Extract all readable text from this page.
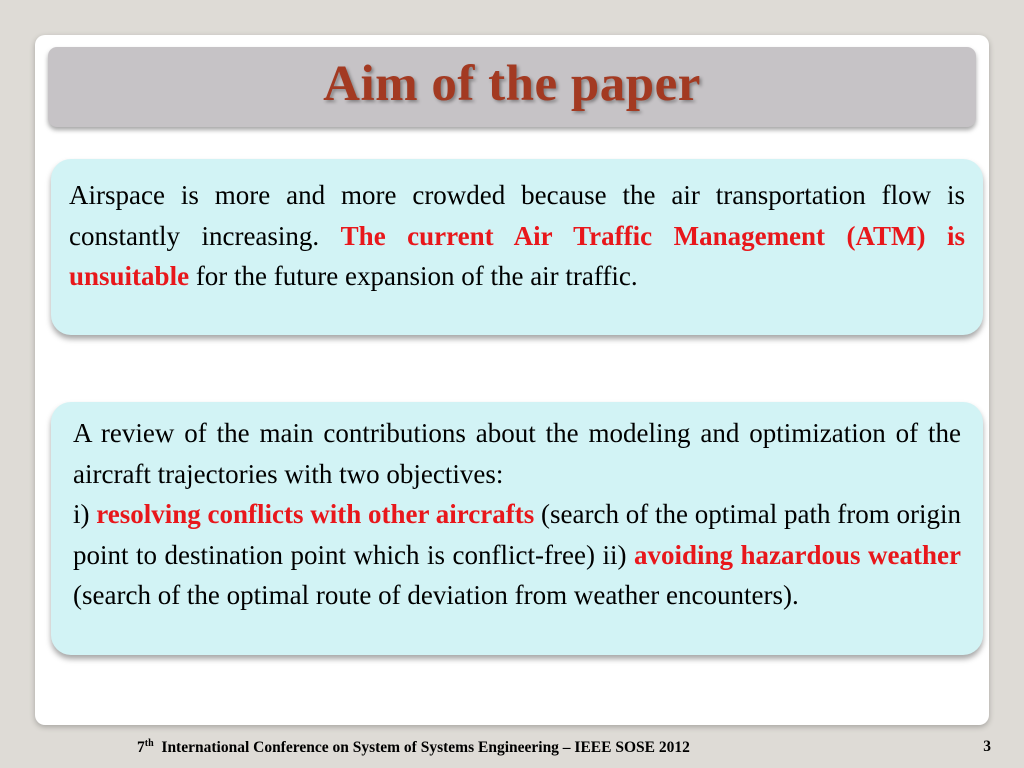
Aim of the paper
Airspace is more and more crowded because the air transportation flow is constantly increasing. The current Air Traffic Management (ATM) is unsuitable for the future expansion of the air traffic.
A review of the main contributions about the modeling and optimization of the aircraft trajectories with two objectives:
i) resolving conflicts with other aircrafts (search of the optimal path from origin point to destination point which is conflict-free) ii) avoiding hazardous weather (search of the optimal route of deviation from weather encounters).
7th International Conference on System of Systems Engineering – IEEE SOSE 2012	3
